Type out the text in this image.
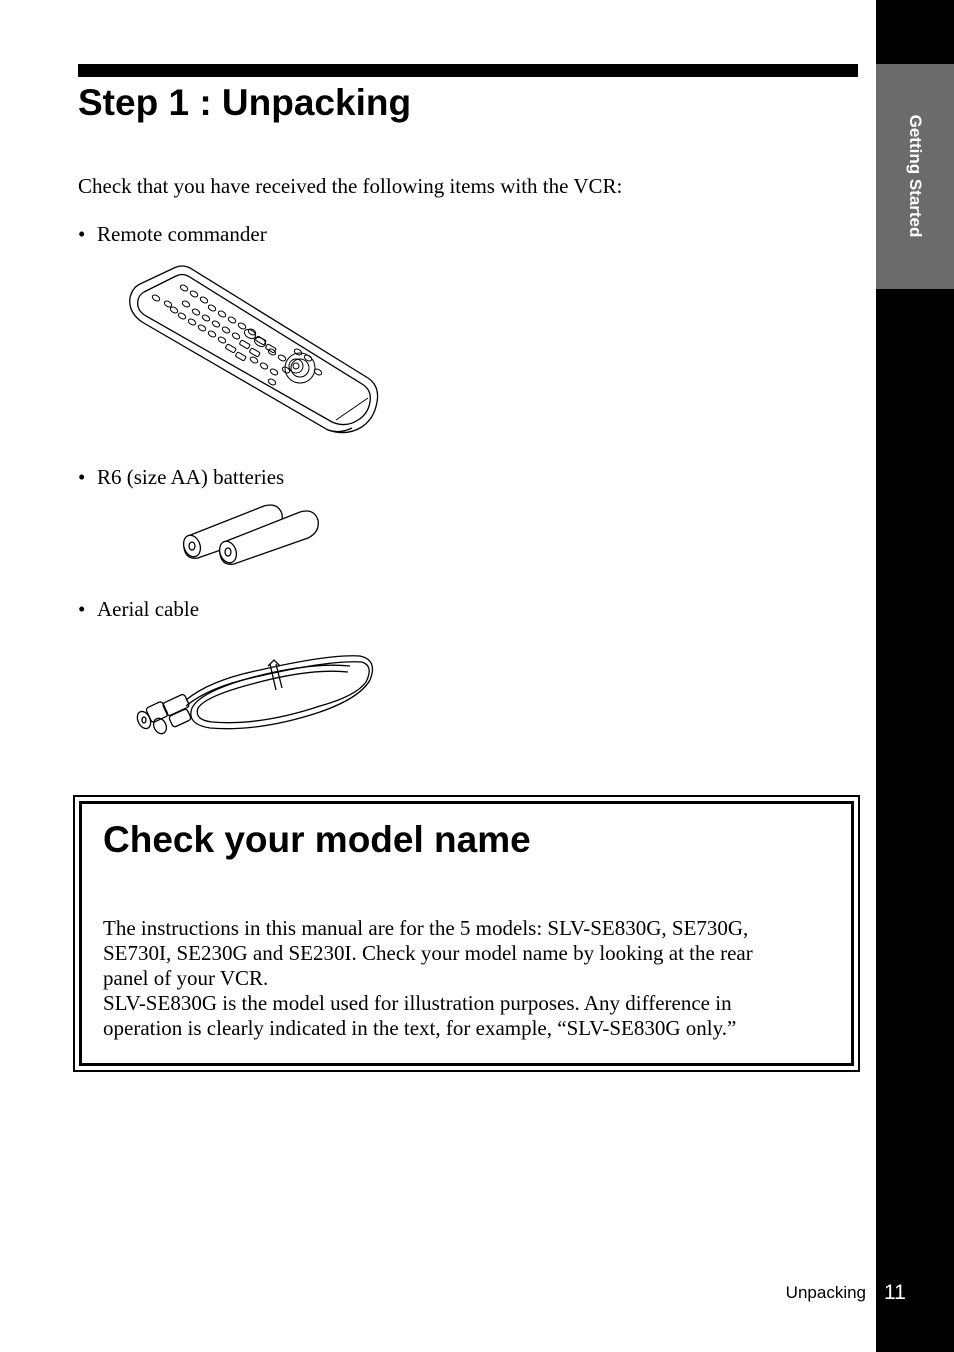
Getting Started
Step 1 : Unpacking

Check that you have received the following items with the VCR:

• Remote commander

• R6 (size AA) batteries

• Aerial cable

Check your model name

The instructions in this manual are for the 5 models: SLV-SE830G, SE730G,
SE730I, SE230G and SE230I. Check your model name by looking at the rear
panel of your VCR.
SLV-SE830G is the model used for illustration purposes. Any difference in
operation is clearly indicated in the text, for example, “SLV-SE830G only.”

Unpacking 11
